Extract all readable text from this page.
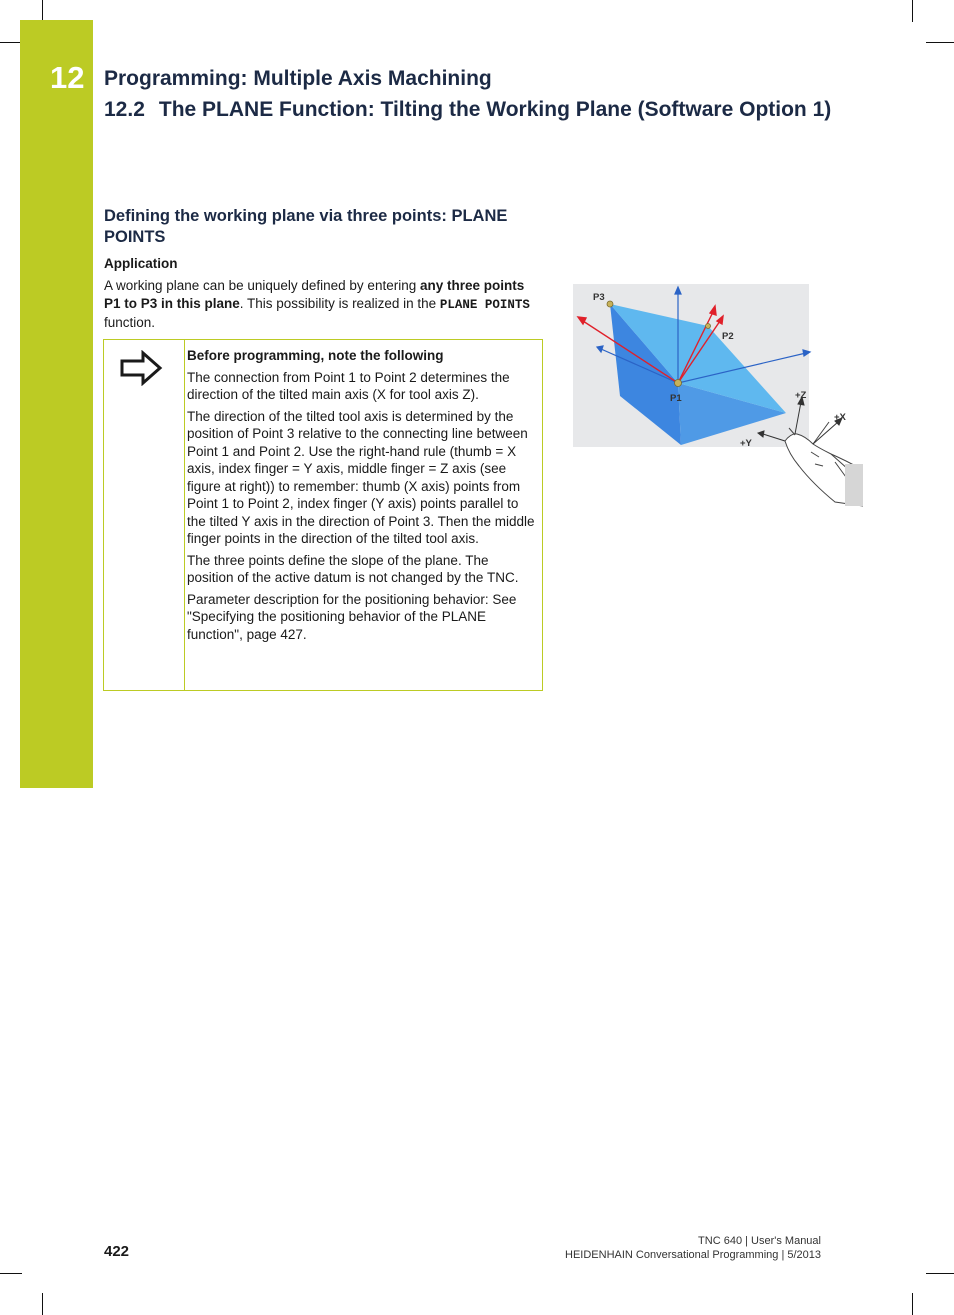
12 Programming: Multiple Axis Machining
12.2 The PLANE Function: Tilting the Working Plane (Software Option 1)
Defining the working plane via three points: PLANE POINTS
Application
A working plane can be uniquely defined by entering any three points P1 to P3 in this plane. This possibility is realized in the PLANE POINTS function.
Before programming, note the following

The connection from Point 1 to Point 2 determines the direction of the tilted main axis (X for tool axis Z).

The direction of the tilted tool axis is determined by the position of Point 3 relative to the connecting line between Point 1 and Point 2. Use the right-hand rule (thumb = X axis, index finger = Y axis, middle finger = Z axis (see figure at right)) to remember: thumb (X axis) points from Point 1 to Point 2, index finger (Y axis) points parallel to the tilted Y axis in the direction of Point 3. Then the middle finger points in the direction of the tilted tool axis.

The three points define the slope of the plane. The position of the active datum is not changed by the TNC.

Parameter description for the positioning behavior: See "Specifying the positioning behavior of the PLANE function", page 427.

P3
P2
P1	+Z
+X
+Y
422
TNC 640 | User's Manual
HEIDENHAIN Conversational Programming | 5/2013
